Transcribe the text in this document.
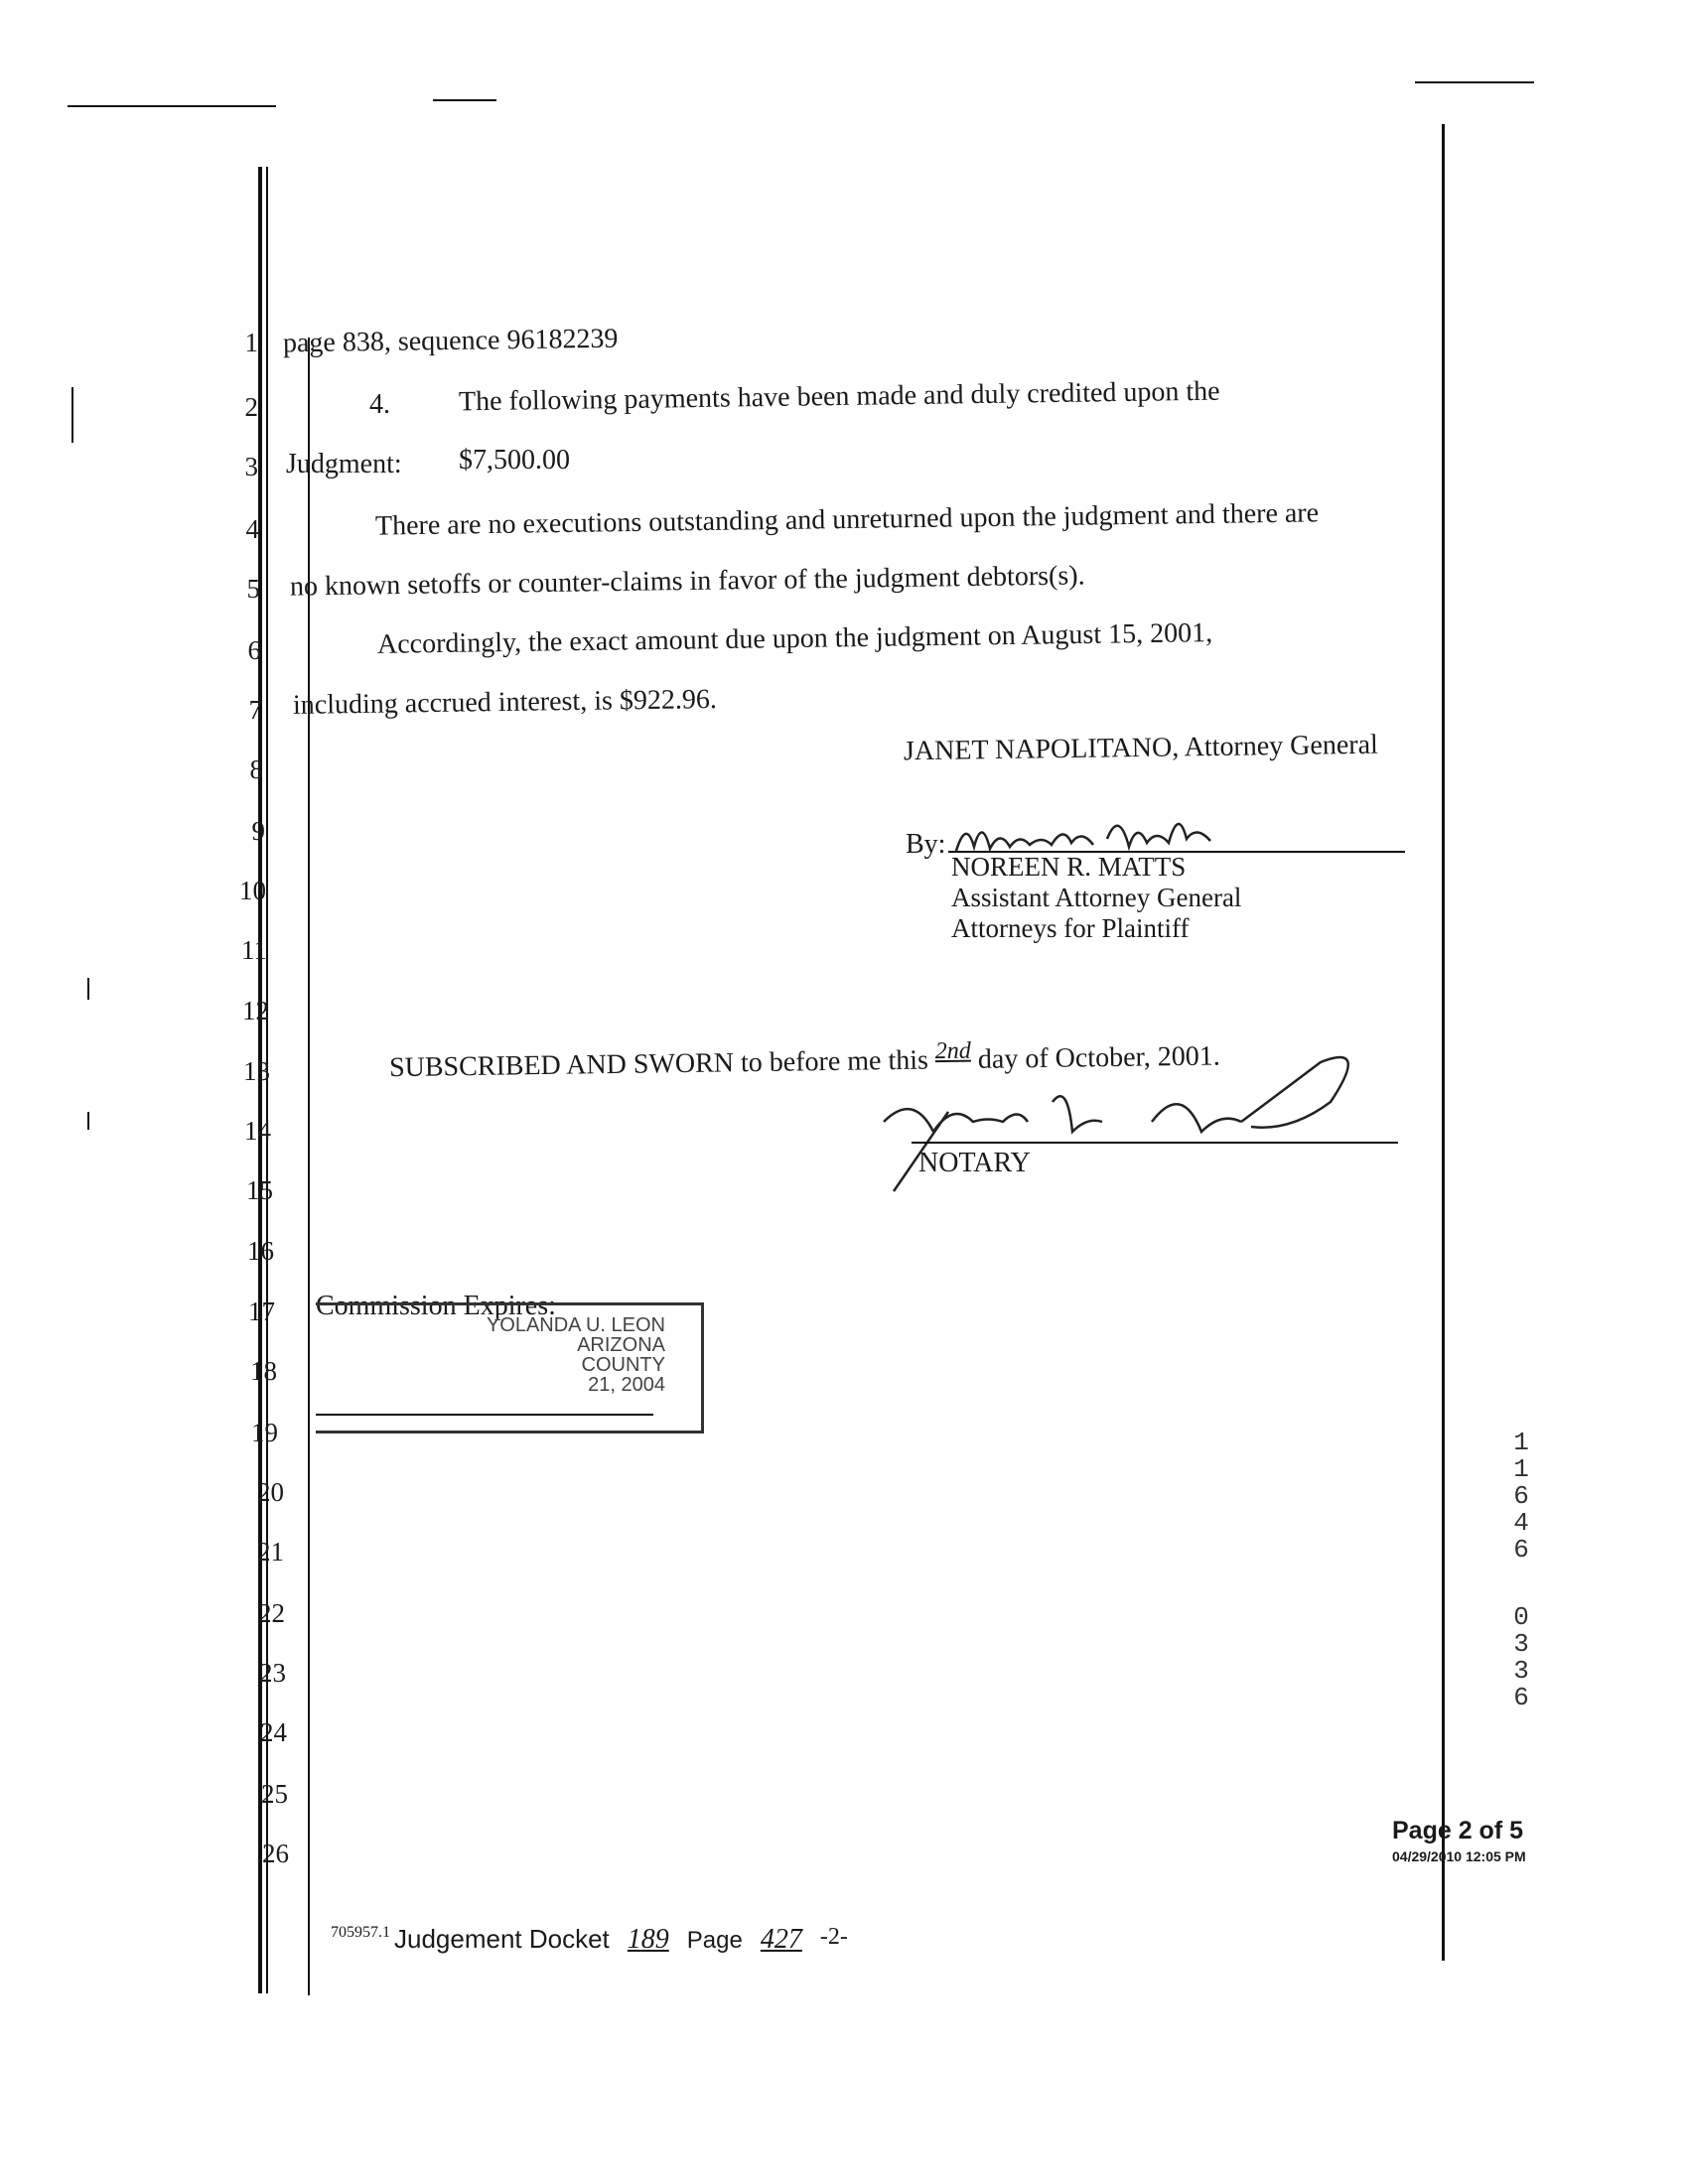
1
2
3
4
5
6
7
8
9
10
11
12
13
14
15
16
17
18
19
20
21
22
23
24
25
26
page 838, sequence 96182239
4. The following payments have been made and duly credited upon the
Judgment: $7,500.00
There are no executions outstanding and unreturned upon the judgment and there are
no known setoffs or counter-claims in favor of the judgment debtors(s).
Accordingly, the exact amount due upon the judgment on August 15, 2001,
including accrued interest, is $922.96.
JANET NAPOLITANO, Attorney General
By:
NOREEN R. MATTS
Assistant Attorney General
Attorneys for Plaintiff
SUBSCRIBED AND SWORN to before me this 2nd day of October, 2001.
NOTARY
Commission Expires:
YOLANDA U. LEON
ARIZONA
COUNTY
21, 2004
1
1
6
4
6
0
3
3
6
Page 2 of 5
04/29/2010 12:05 PM
705957.1 Judgement Docket 189 Page 427 -2-
